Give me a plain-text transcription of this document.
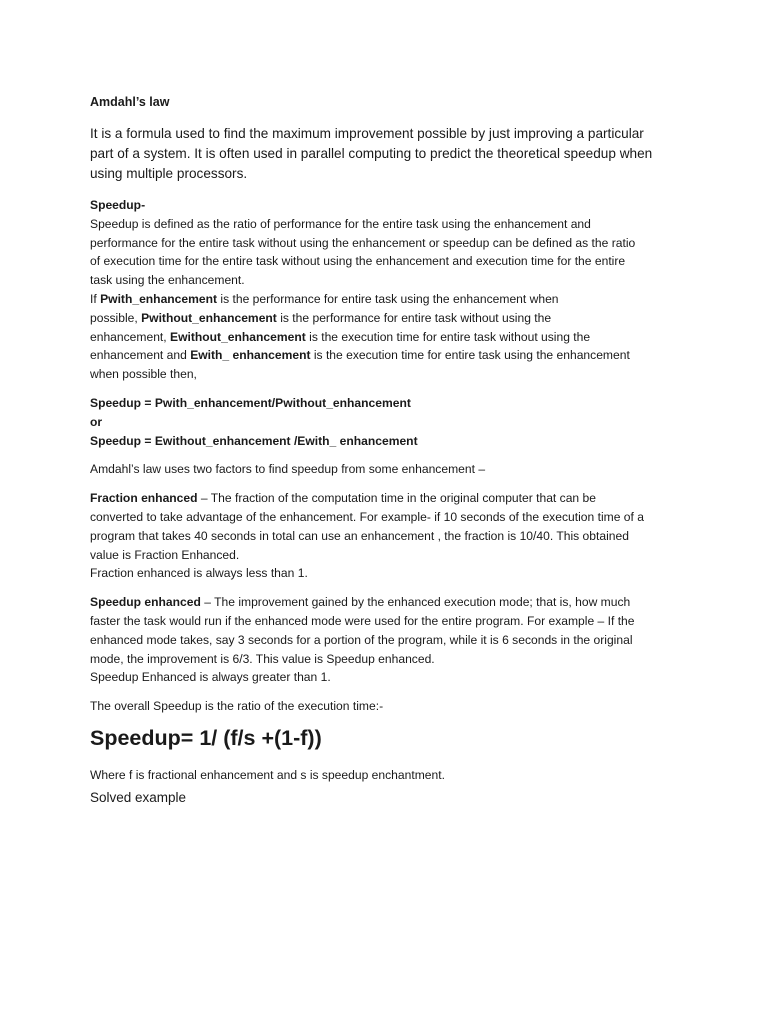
Amdahl’s law
It is a formula used to find the maximum improvement possible by just improving a particular
part of a system. It is often used in parallel computing to predict the theoretical speedup when
using multiple processors.
Speedup-
Speedup is defined as the ratio of performance for the entire task using the enhancement and
performance for the entire task without using the enhancement or speedup can be defined as the ratio
of execution time for the entire task without using the enhancement and execution time for the entire
task using the enhancement.
If Pwith_enhancement is the performance for entire task using the enhancement when
possible, Pwithout_enhancement is the performance for entire task without using the
enhancement, Ewithout_enhancement is the execution time for entire task without using the
enhancement and Ewith_ enhancement is the execution time for entire task using the enhancement
when possible then,
Speedup = Pwith_enhancement/Pwithout_enhancement
or
Speedup = Ewithout_enhancement /Ewith_ enhancement
Amdahl’s law uses two factors to find speedup from some enhancement –
Fraction enhanced – The fraction of the computation time in the original computer that can be
converted to take advantage of the enhancement. For example- if 10 seconds of the execution time of a
program that takes 40 seconds in total can use an enhancement , the fraction is 10/40. This obtained
value is Fraction Enhanced.
Fraction enhanced is always less than 1.
Speedup enhanced – The improvement gained by the enhanced execution mode; that is, how much
faster the task would run if the enhanced mode were used for the entire program. For example – If the
enhanced mode takes, say 3 seconds for a portion of the program, while it is 6 seconds in the original
mode, the improvement is 6/3. This value is Speedup enhanced.
Speedup Enhanced is always greater than 1.
The overall Speedup is the ratio of the execution time:-
Speedup= 1/ (f/s +(1-f))
Where f is fractional enhancement and s is speedup enchantment.
Solved example
